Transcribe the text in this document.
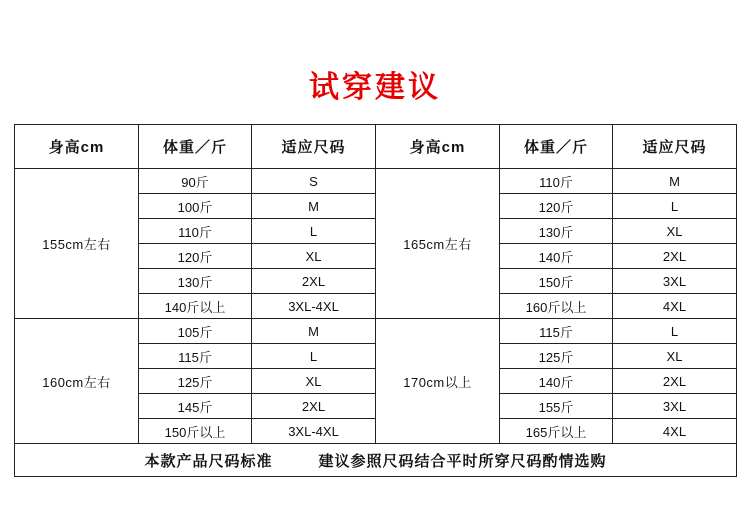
试穿建议
身高cm	体重／斤	适应尺码	身高cm	体重／斤	适应尺码
155cm左右	90斤	S	165cm左右	110斤	M
	100斤	M		120斤	L
	110斤	L		130斤	XL
	120斤	XL		140斤	2XL
	130斤	2XL		150斤	3XL
	140斤以上	3XL-4XL		160斤以上	4XL
160cm左右	105斤	M	170cm以上	115斤	L
	115斤	L		125斤	XL
	125斤	XL		140斤	2XL
	145斤	2XL		155斤	3XL
	150斤以上	3XL-4XL		165斤以上	4XL

本款产品尺码标准 建议参照尺码结合平时所穿尺码酌情选购					
